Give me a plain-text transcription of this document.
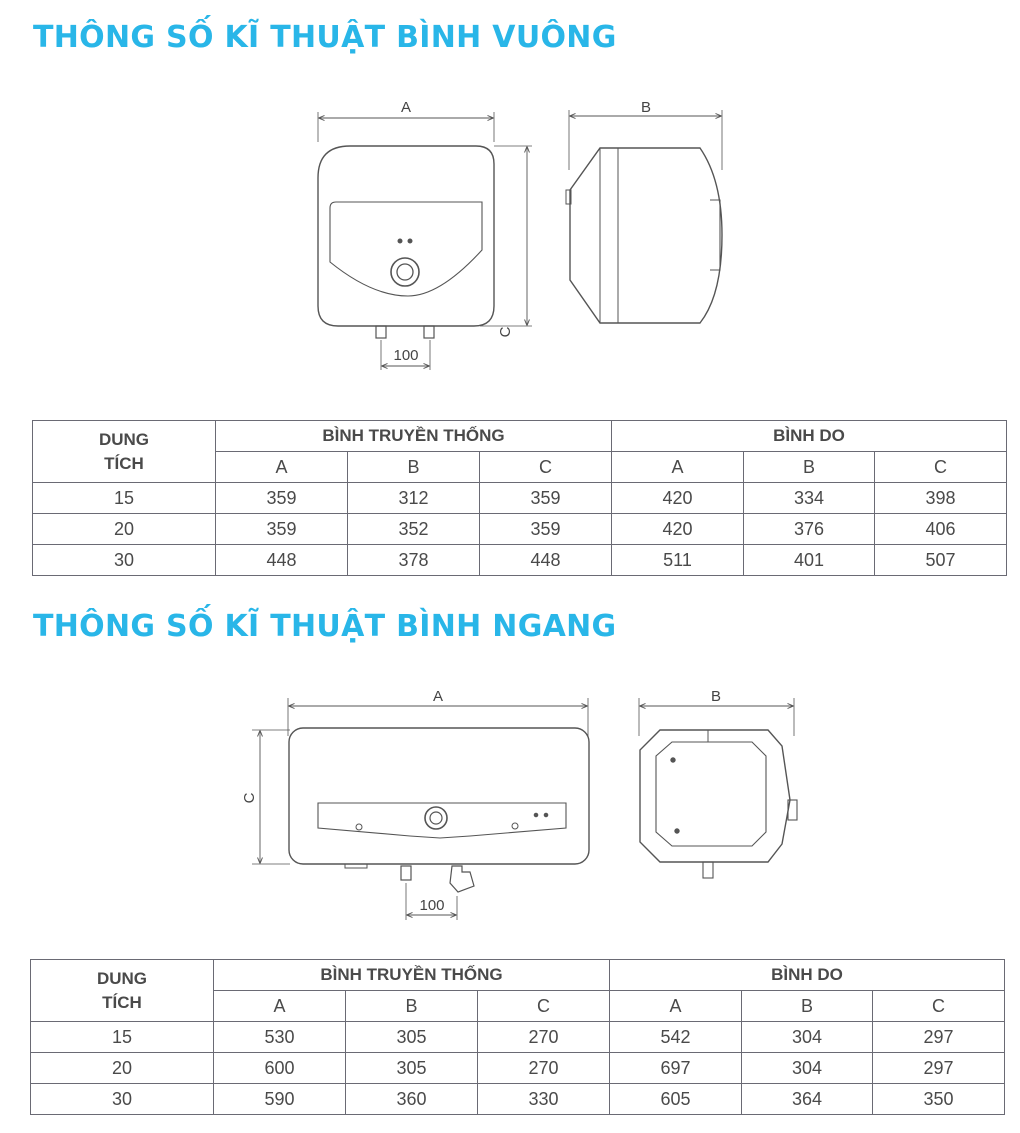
THÔNG SỐ KĨ THUẬT BÌNH VUÔNG
A
100
C
B
DUNG
TÍCH	BÌNH TRUYỀN THỐNG			BÌNH DO		
	A	B	C	A	B	C
15	359	312	359	420	334	398
20	359	352	359	420	376	406
30	448	378	448	511	401	507
THÔNG SỐ KĨ THUẬT BÌNH NGANG
A
100
C
B
DUNG
TÍCH	BÌNH TRUYỀN THỐNG			BÌNH DO		
	A	B	C	A	B	C
15	530	305	270	542	304	297
20	600	305	270	697	304	297
30	590	360	330	605	364	350
